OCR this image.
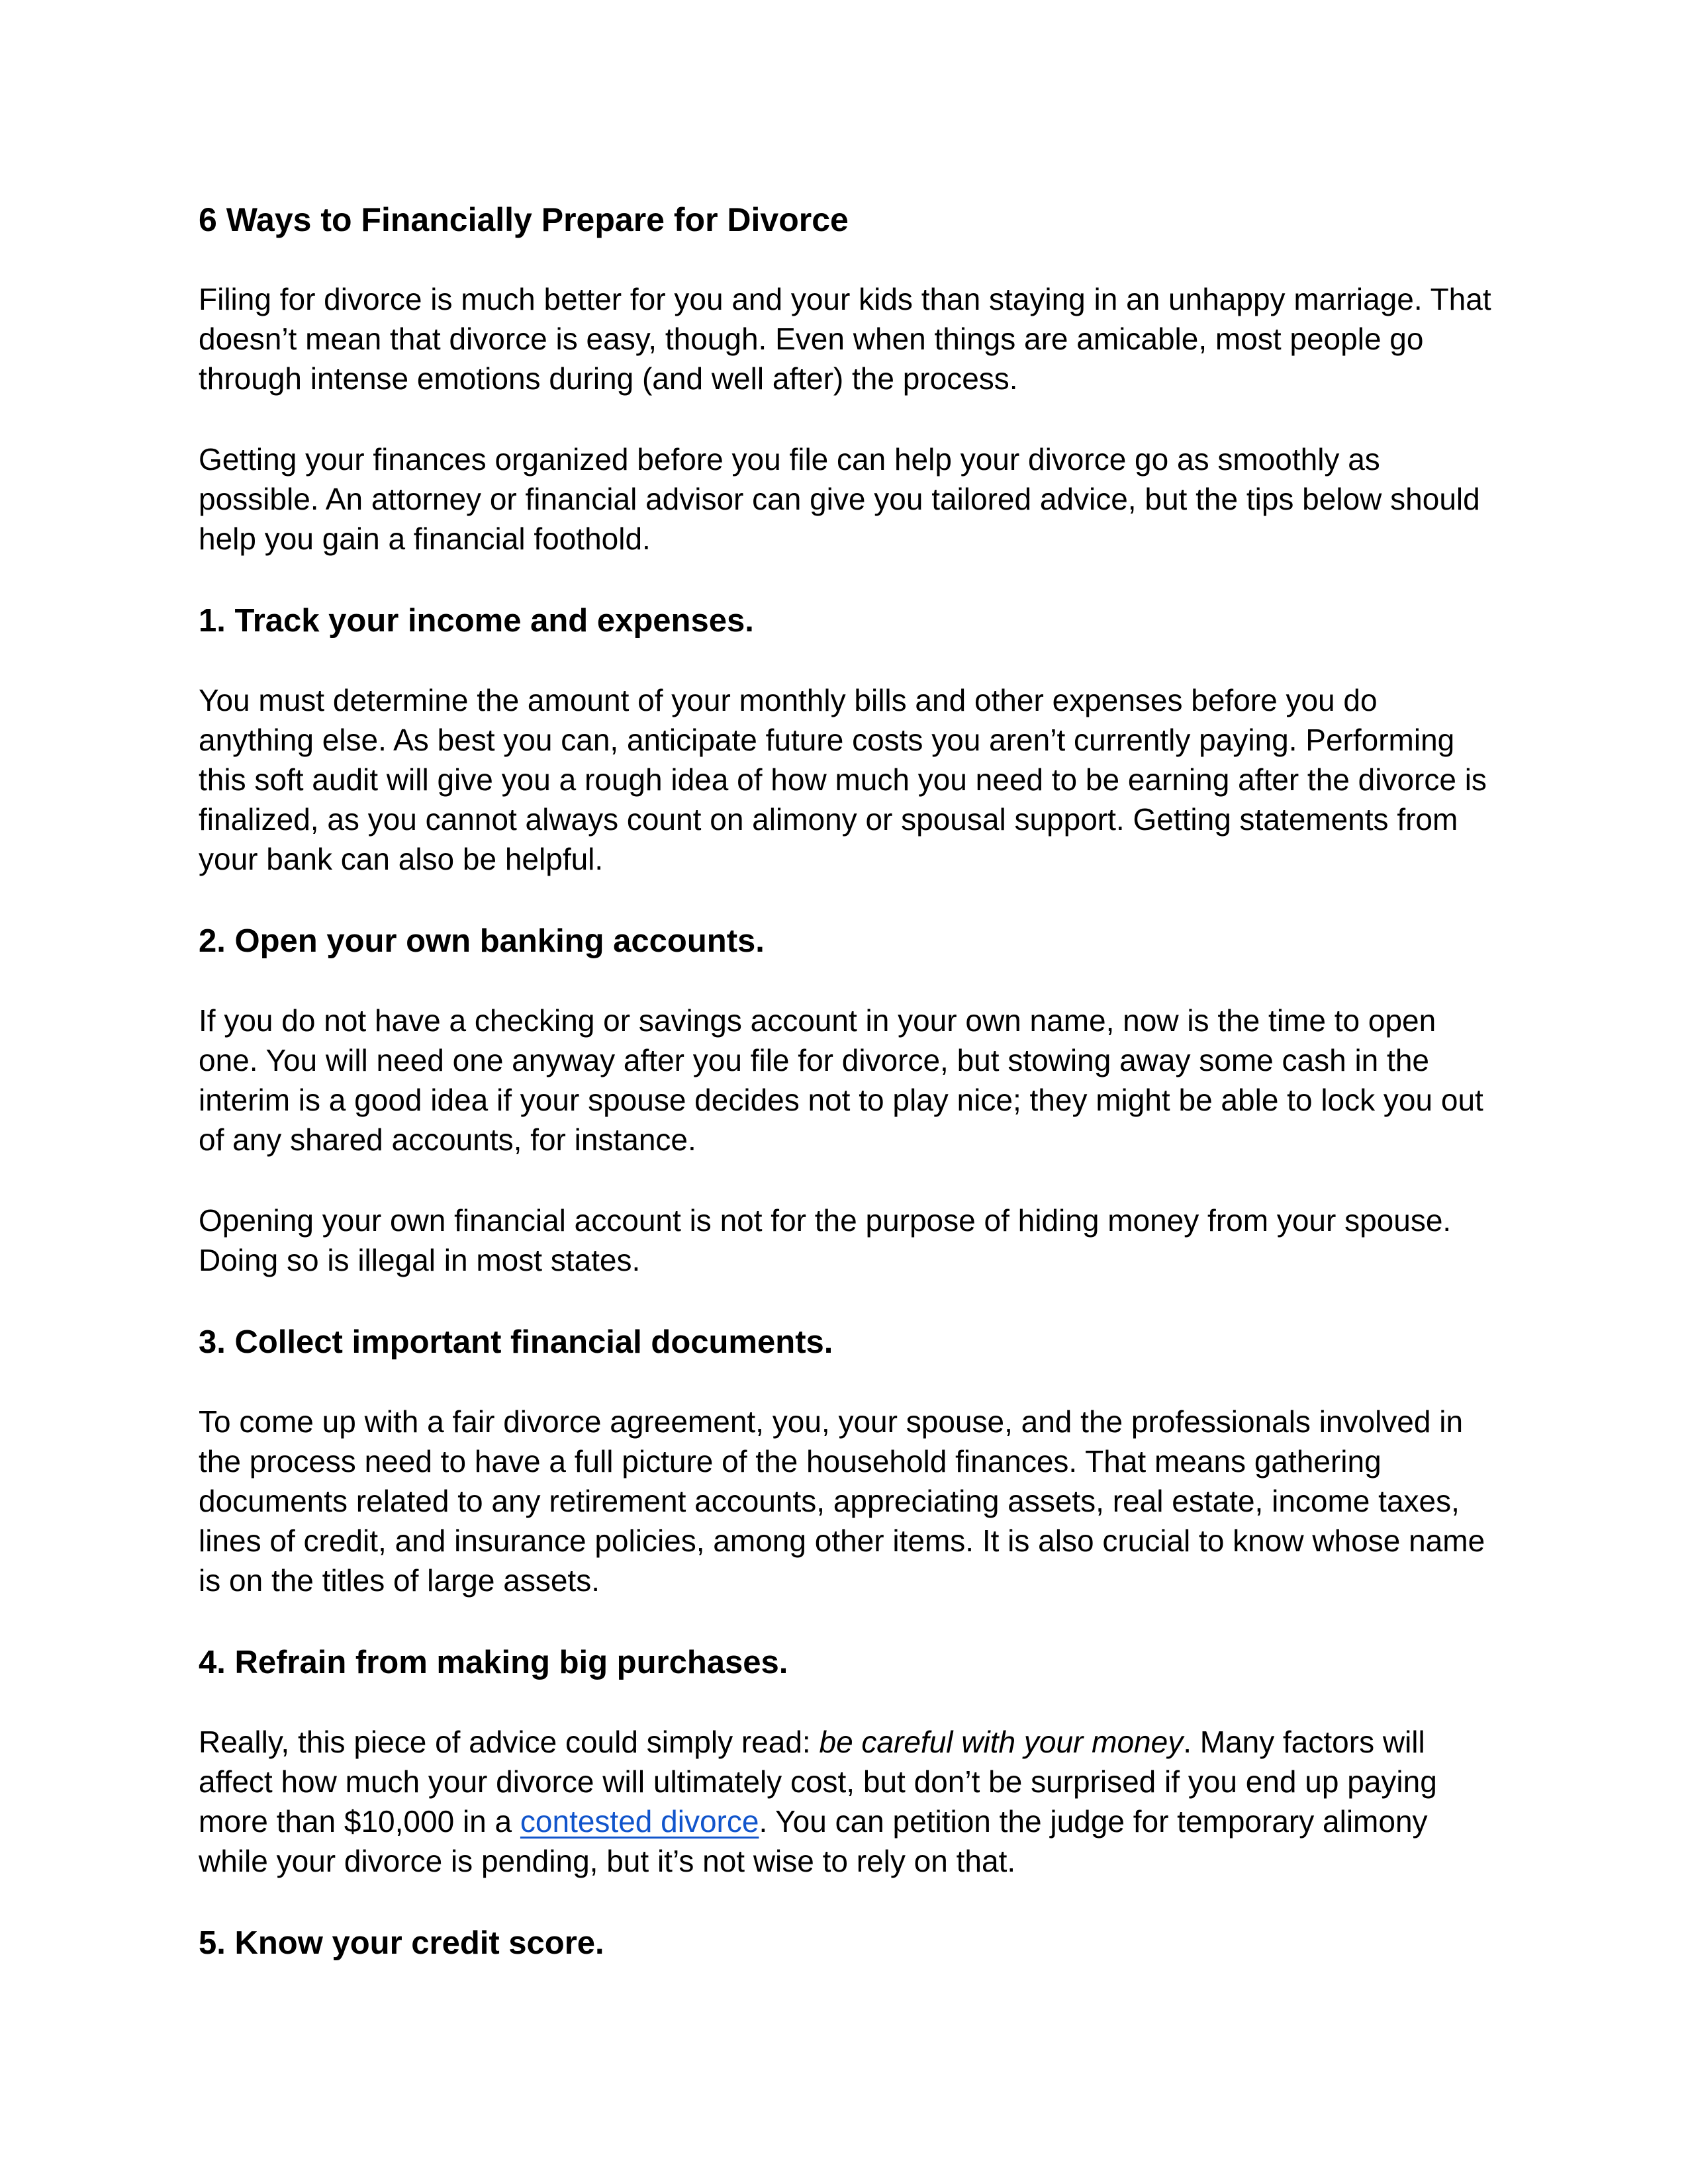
6 Ways to Financially Prepare for Divorce

Filing for divorce is much better for you and your kids than staying in an unhappy marriage. That doesn’t mean that divorce is easy, though. Even when things are amicable, most people go through intense emotions during (and well after) the process.

Getting your finances organized before you file can help your divorce go as smoothly as possible. An attorney or financial advisor can give you tailored advice, but the tips below should help you gain a financial foothold.

1. Track your income and expenses.

You must determine the amount of your monthly bills and other expenses before you do anything else. As best you can, anticipate future costs you aren’t currently paying. Performing this soft audit will give you a rough idea of how much you need to be earning after the divorce is finalized, as you cannot always count on alimony or spousal support. Getting statements from your bank can also be helpful.

2. Open your own banking accounts.

If you do not have a checking or savings account in your own name, now is the time to open one. You will need one anyway after you file for divorce, but stowing away some cash in the interim is a good idea if your spouse decides not to play nice; they might be able to lock you out of any shared accounts, for instance.

Opening your own financial account is not for the purpose of hiding money from your spouse. Doing so is illegal in most states.

3. Collect important financial documents.

To come up with a fair divorce agreement, you, your spouse, and the professionals involved in the process need to have a full picture of the household finances. That means gathering documents related to any retirement accounts, appreciating assets, real estate, income taxes, lines of credit, and insurance policies, among other items. It is also crucial to know whose name is on the titles of large assets.

4. Refrain from making big purchases.

Really, this piece of advice could simply read: be careful with your money. Many factors will affect how much your divorce will ultimately cost, but don’t be surprised if you end up paying more than $10,000 in a contested divorce. You can petition the judge for temporary alimony while your divorce is pending, but it’s not wise to rely on that.

5. Know your credit score.
